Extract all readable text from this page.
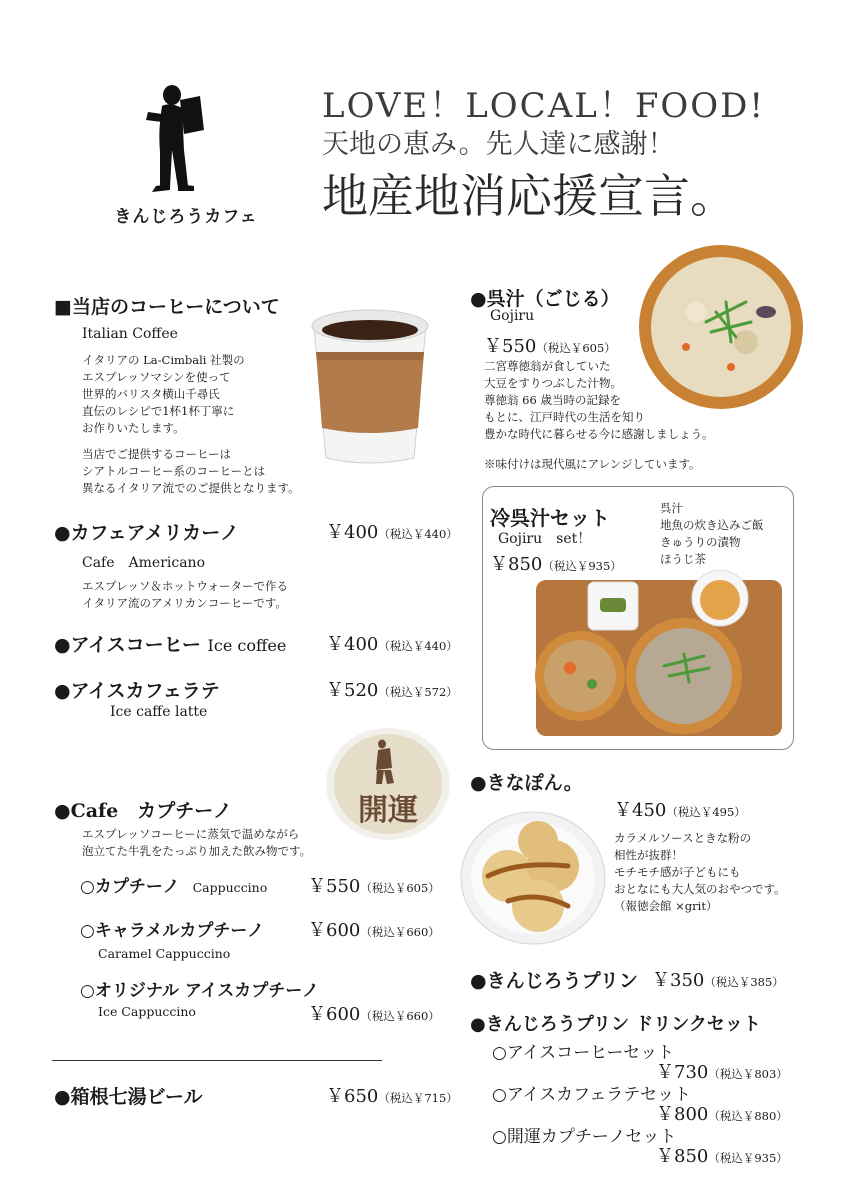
きんじろうカフェ
LOVE！LOCAL！FOOD!
天地の恵み。先人達に感謝！
地産地消応援宣言。
■当店のコーヒーについて
Italian Coffee
イタリアの La-Cimbali 社製の
エスプレッソマシンを使って
世界的バリスタ横山千尋氏
直伝のレシピで1杯1杯丁寧に
お作りいたします。
当店でご提供するコーヒーは
シアトルコーヒー系のコーヒーとは
異なるイタリア流でのご提供となります。
●カフェアメリカーノ	￥400（税込￥440）
Cafe　Americano
エスプレッソ＆ホットウォーターで作る
イタリア流のアメリカンコーヒーです。
●アイスコーヒー Ice coffee ￥400（税込￥440）
●アイスカフェラテ	￥520（税込￥572）
Ice caffe latte
開運
●Cafe　カプチーノ
エスプレッソコーヒーに蒸気で温めながら
泡立てた牛乳をたっぷり加えた飲み物です。
○カプチーノ Cappuccino ￥550（税込￥605）
○キャラメルカプチーノ ￥600（税込￥660）
Caramel Cappuccino
○オリジナル アイスカプチーノ
￥600（税込￥660）
Ice Cappuccino
●箱根七湯ビール	￥650（税込￥715）
●呉汁（ごじる）
Gojiru
￥550（税込￥605）
二宮尊徳翁が食していた
大豆をすりつぶした汁物。
尊徳翁 66 歳当時の記録を
もとに、江戸時代の生活を知り
豊かな時代に暮らせる今に感謝しましょう。
※味付けは現代風にアレンジしています。
冷呉汁セット
Gojiru　set！
￥850（税込￥935）
呉汁
地魚の炊き込みご飯
きゅうりの漬物
ほうじ茶
●きなぽん。
￥450（税込￥495）
カラメルソースときな粉の
相性が抜群！
モチモチ感が子どもにも
おとなにも大人気のおやつです。
（報徳会館 ×grit）
●きんじろうプリン ￥350（税込￥385）
●きんじろうプリン ドリンクセット
○アイスコーヒーセット
￥730（税込￥803）
○アイスカフェラテセット
￥800（税込￥880）
○開運カプチーノセット
￥850（税込￥935）
